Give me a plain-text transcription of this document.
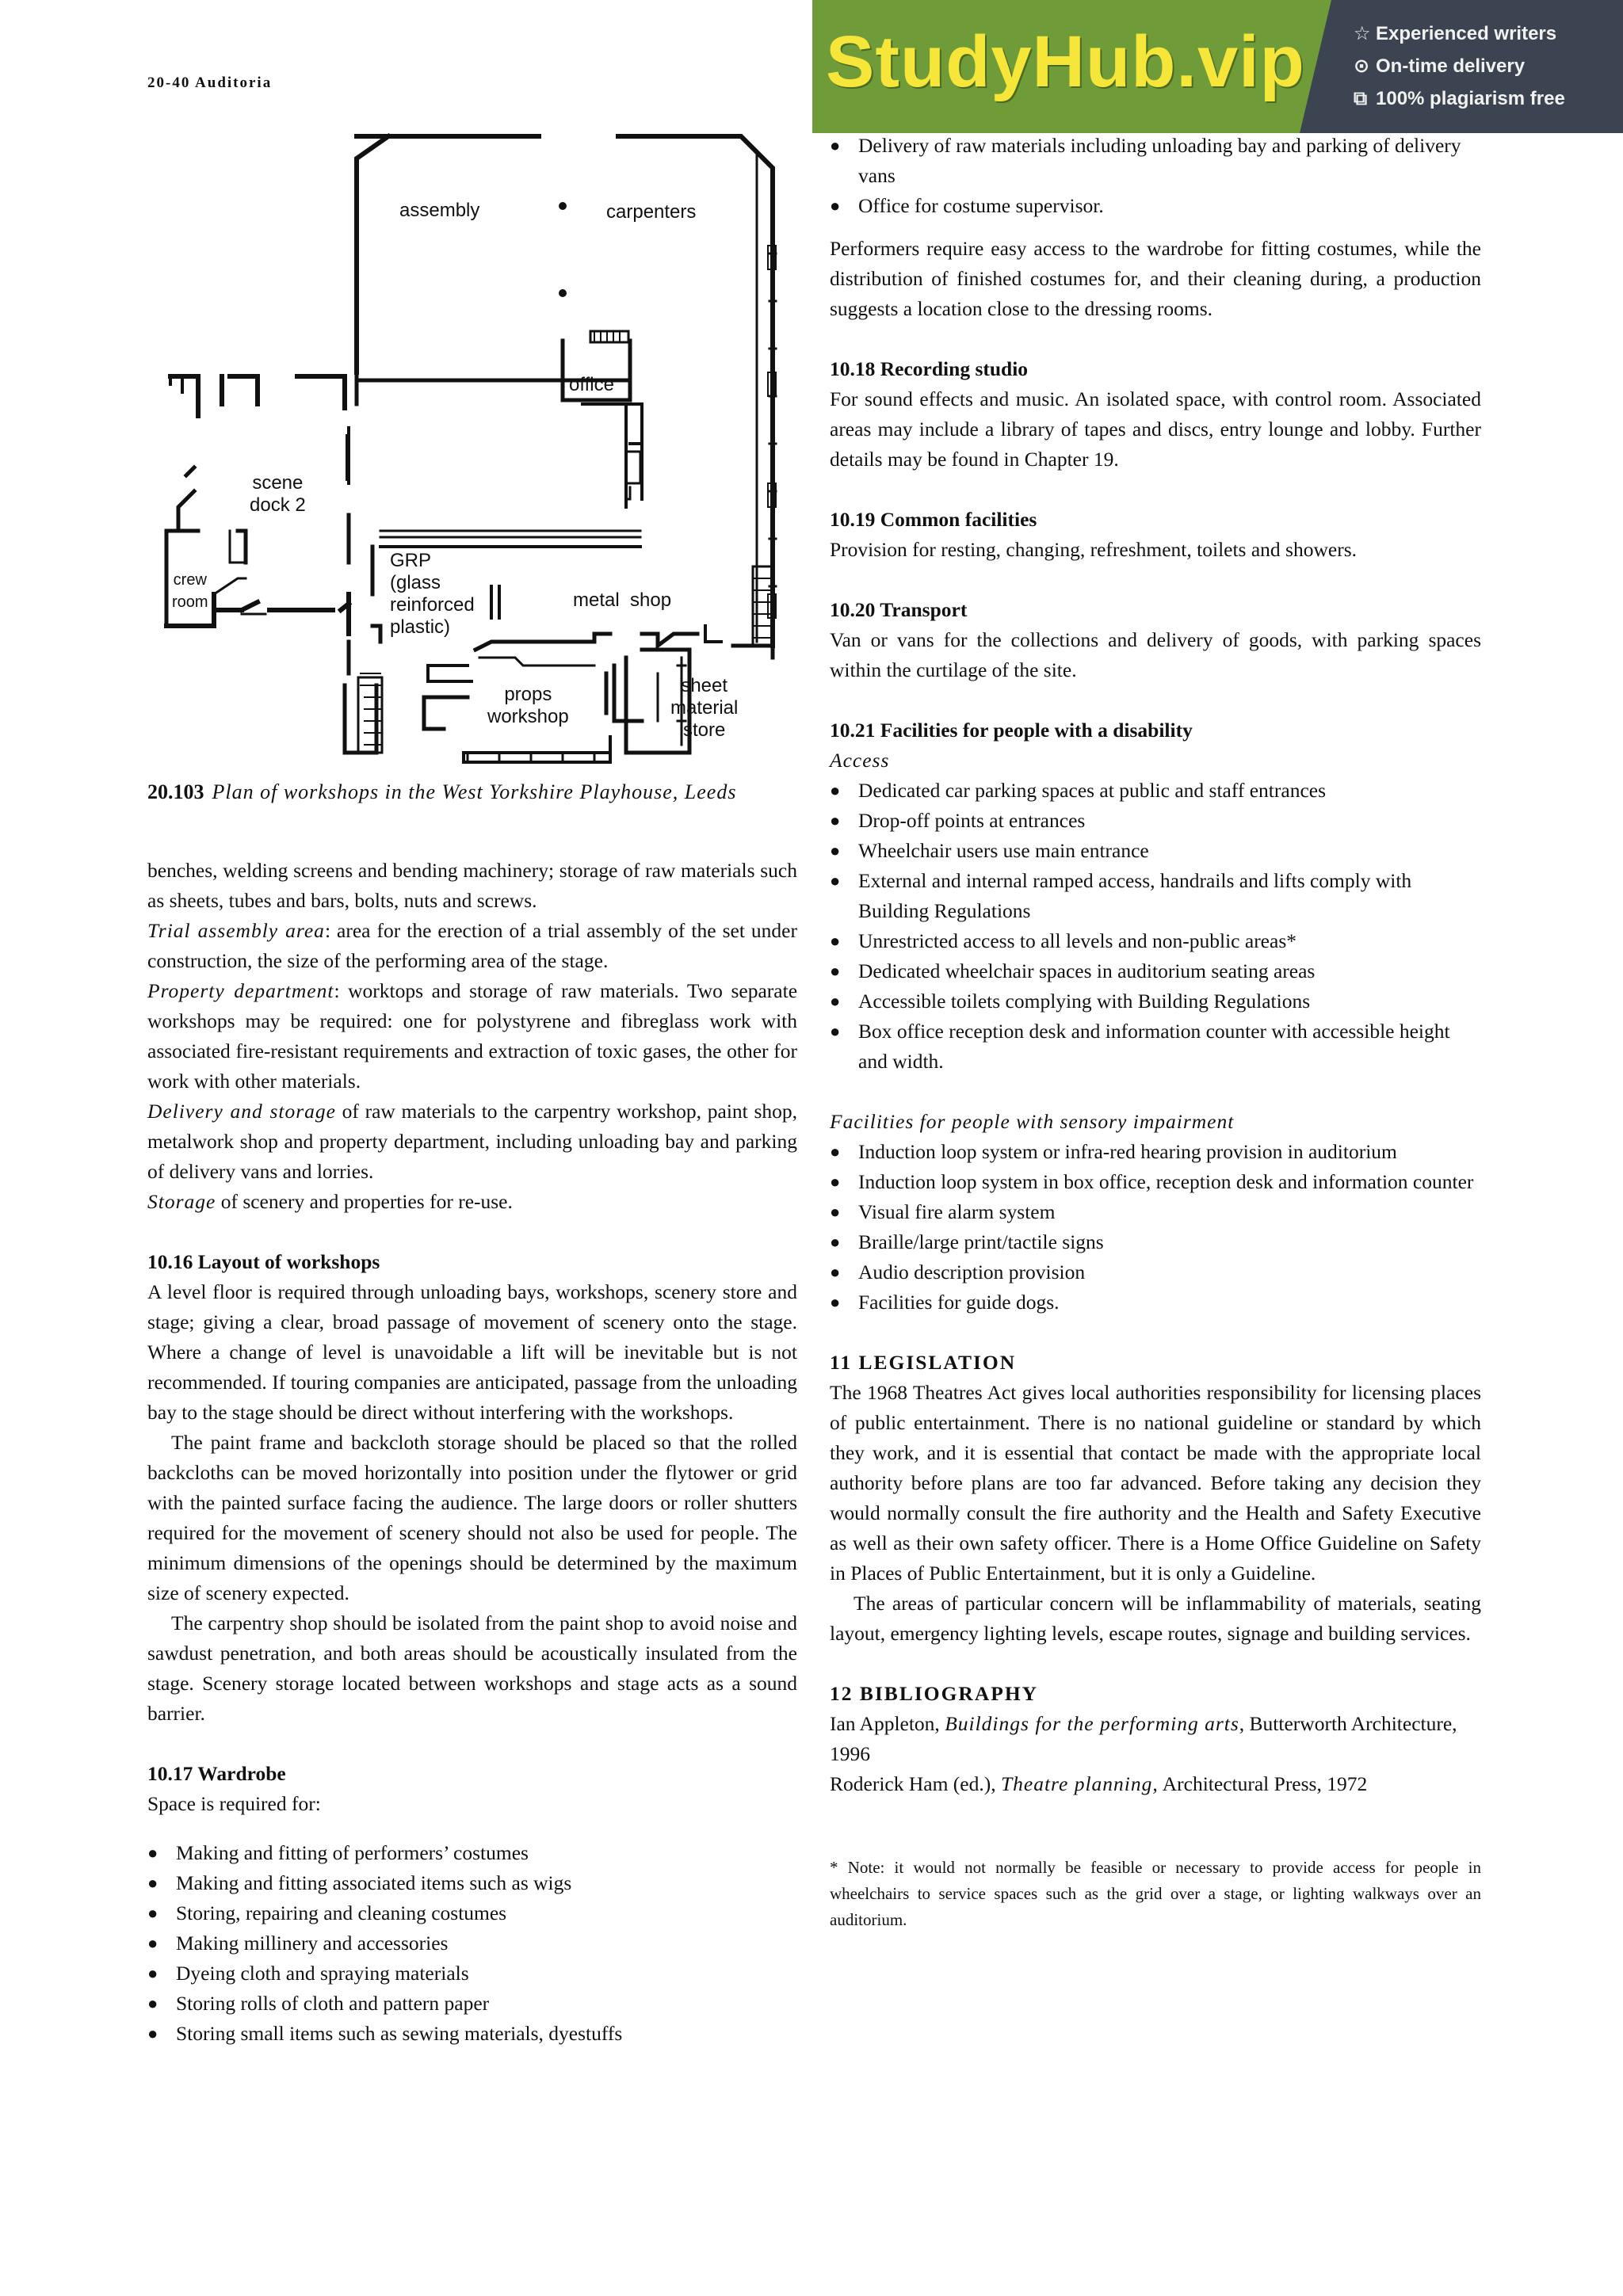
20-40 Auditoria	StudyHub.vip	☆ Experienced writers
⊙ On-time delivery
⧉ 100% plagiarism free
assembly	carpenters
office
scene
dock 2
crew
room
GRP
(glass
reinforced
plastic)
metal  shop
props
workshop
sheet
material
store
20.103 Plan of workshops in the West Yorkshire Playhouse, Leeds

benches, welding screens and bending machinery; storage of raw materials such as sheets, tubes and bars, bolts, nuts and screws.

Trial assembly area: area for the erection of a trial assembly of the set under construction, the size of the performing area of the stage.

Property department: worktops and storage of raw materials. Two separate workshops may be required: one for polystyrene and fibreglass work with associated fire-resistant requirements and extraction of toxic gases, the other for work with other materials.

Delivery and storage of raw materials to the carpentry workshop, paint shop, metalwork shop and property department, including unloading bay and parking of delivery vans and lorries.

Storage of scenery and properties for re-use.

10.16 Layout of workshops

A level floor is required through unloading bays, workshops, scenery store and stage; giving a clear, broad passage of movement of scenery onto the stage. Where a change of level is unavoidable a lift will be inevitable but is not recommended. If touring companies are anticipated, passage from the unloading bay to the stage should be direct without interfering with the workshops.

The paint frame and backcloth storage should be placed so that the rolled backcloths can be moved horizontally into position under the flytower or grid with the painted surface facing the audience. The large doors or roller shutters required for the movement of scenery should not also be used for people. The minimum dimensions of the openings should be determined by the maximum size of scenery expected.

The carpentry shop should be isolated from the paint shop to avoid noise and sawdust penetration, and both areas should be acoustically insulated from the stage. Scenery storage located between workshops and stage acts as a sound barrier.

10.17 Wardrobe

Space is required for:

● Making and fitting of performers’ costumes
● Making and fitting associated items such as wigs
● Storing, repairing and cleaning costumes
● Making millinery and accessories
● Dyeing cloth and spraying materials
● Storing rolls of cloth and pattern paper
● Storing small items such as sewing materials, dyestuffs
● Delivery of raw materials including unloading bay and parking of delivery vans
● Office for costume supervisor.

Performers require easy access to the wardrobe for fitting costumes, while the distribution of finished costumes for, and their cleaning during, a production suggests a location close to the dressing rooms.

10.18 Recording studio

For sound effects and music. An isolated space, with control room. Associated areas may include a library of tapes and discs, entry lounge and lobby. Further details may be found in Chapter 19.

10.19 Common facilities

Provision for resting, changing, refreshment, toilets and showers.

10.20 Transport

Van or vans for the collections and delivery of goods, with parking spaces within the curtilage of the site.

10.21 Facilities for people with a disability

Access

● Dedicated car parking spaces at public and staff entrances
● Drop-off points at entrances
● Wheelchair users use main entrance
● External and internal ramped access, handrails and lifts comply with Building Regulations
● Unrestricted access to all levels and non-public areas*
● Dedicated wheelchair spaces in auditorium seating areas
● Accessible toilets complying with Building Regulations
● Box office reception desk and information counter with accessible height and width.

Facilities for people with sensory impairment

● Induction loop system or infra-red hearing provision in auditorium
● Induction loop system in box office, reception desk and information counter
● Visual fire alarm system
● Braille/large print/tactile signs
● Audio description provision
● Facilities for guide dogs.
11 LEGISLATION

The 1968 Theatres Act gives local authorities responsibility for licensing places of public entertainment. There is no national guideline or standard by which they work, and it is essential that contact be made with the appropriate local authority before plans are too far advanced. Before taking any decision they would normally consult the fire authority and the Health and Safety Executive as well as their own safety officer. There is a Home Office Guideline on Safety in Places of Public Entertainment, but it is only a Guideline.

The areas of particular concern will be inflammability of materials, seating layout, emergency lighting levels, escape routes, signage and building services.

12 BIBLIOGRAPHY

Ian Appleton, Buildings for the performing arts, Butterworth Architecture, 1996

Roderick Ham (ed.), Theatre planning, Architectural Press, 1972

* Note: it would not normally be feasible or necessary to provide access for people in wheelchairs to service spaces such as the grid over a stage, or lighting walkways over an auditorium.
